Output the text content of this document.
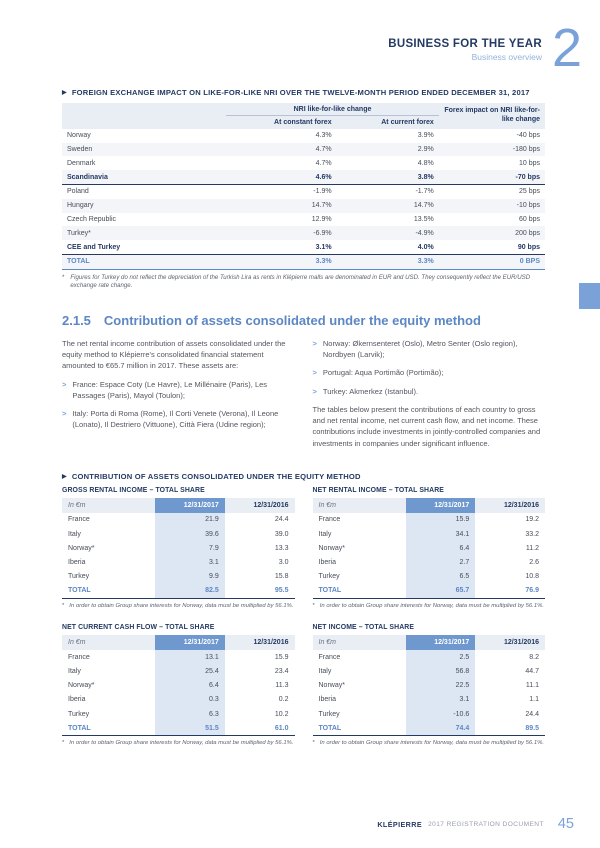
BUSINESS FOR THE YEAR
Business overview 2
▶ FOREIGN EXCHANGE IMPACT ON LIKE-FOR-LIKE NRI OVER THE TWELVE-MONTH PERIOD ENDED DECEMBER 31, 2017
	NRI like-for-like change		Forex impact on NRI like-for-like change
	At constant forex	At current forex	
Norway	4.3%	3.9%	-40 bps
Sweden	4.7%	2.9%	-180 bps
Denmark	4.7%	4.8%	10 bps
Scandinavia	4.6%	3.8%	-70 bps
Poland	-1.9%	-1.7%	25 bps
Hungary	14.7%	14.7%	-10 bps
Czech Republic	12.9%	13.5%	60 bps
Turkey*	-6.9%	-4.9%	200 bps
CEE and Turkey	3.1%	4.0%	90 bps
TOTAL	3.3%	3.3%	0 BPS
* Figures for Turkey do not reflect the depreciation of the Turkish Lira as rents in Klépierre malls are denominated in EUR and USD. They consequently reflect the EUR/USD exchange rate change.
2.1.5 Contribution of assets consolidated under the equity method

The net rental income contribution of assets consolidated under the equity method to Klépierre's consolidated financial statement amounted to €65.7 million in 2017. These assets are:

> France: Espace Coty (Le Havre), Le Millénaire (Paris), Les Passages (Paris), Mayol (Toulon);
> Italy: Porta di Roma (Rome), Il Corti Venete (Verona), Il Leone (Lonato), Il Destriero (Vittuone), Città Fiera (Udine region);
> Norway: Økernsenteret (Oslo), Metro Senter (Oslo region), Nordbyen (Larvik);
> Portugal: Aqua Portimão (Portimão);
> Turkey: Akmerkez (Istanbul).

The tables below present the contributions of each country to gross and net rental income, net current cash flow, and net income. These contributions include investments in jointly-controlled companies and investments in companies under significant influence.

▶ CONTRIBUTION OF ASSETS CONSOLIDATED UNDER THE EQUITY METHOD
GROSS RENTAL INCOME – TOTAL SHARE
In €m	12/31/2017	12/31/2016
France	21.9	24.4
Italy	39.6	39.0
Norway*	7.9	13.3
Iberia	3.1	3.0
Turkey	9.9	15.8
TOTAL	82.5	95.5
* In order to obtain Group share interests for Norway, data must be multiplied by 56.1%.
NET RENTAL INCOME – TOTAL SHARE
In €m	12/31/2017	12/31/2016
France	15.9	19.2
Italy	34.1	33.2
Norway*	6.4	11.2
Iberia	2.7	2.6
Turkey	6.5	10.8
TOTAL	65.7	76.9
* In order to obtain Group share interests for Norway, data must be multiplied by 56.1%.
NET CURRENT CASH FLOW – TOTAL SHARE
In €m	12/31/2017	12/31/2016
France	13.1	15.9
Italy	25.4	23.4
Norway*	6.4	11.3
Iberia	0.3	0.2
Turkey	6.3	10.2
TOTAL	51.5	61.0
* In order to obtain Group share interests for Norway, data must be multiplied by 56.1%.
NET INCOME – TOTAL SHARE
In €m	12/31/2017	12/31/2016
France	2.5	8.2
Italy	56.8	44.7
Norway*	22.5	11.1
Iberia	3.1	1.1
Turkey	-10.6	24.4
TOTAL	74.4	89.5
* In order to obtain Group share interests for Norway, data must be multiplied by 56.1%.
KLÉPIERRE 2017 REGISTRATION DOCUMENT 45
